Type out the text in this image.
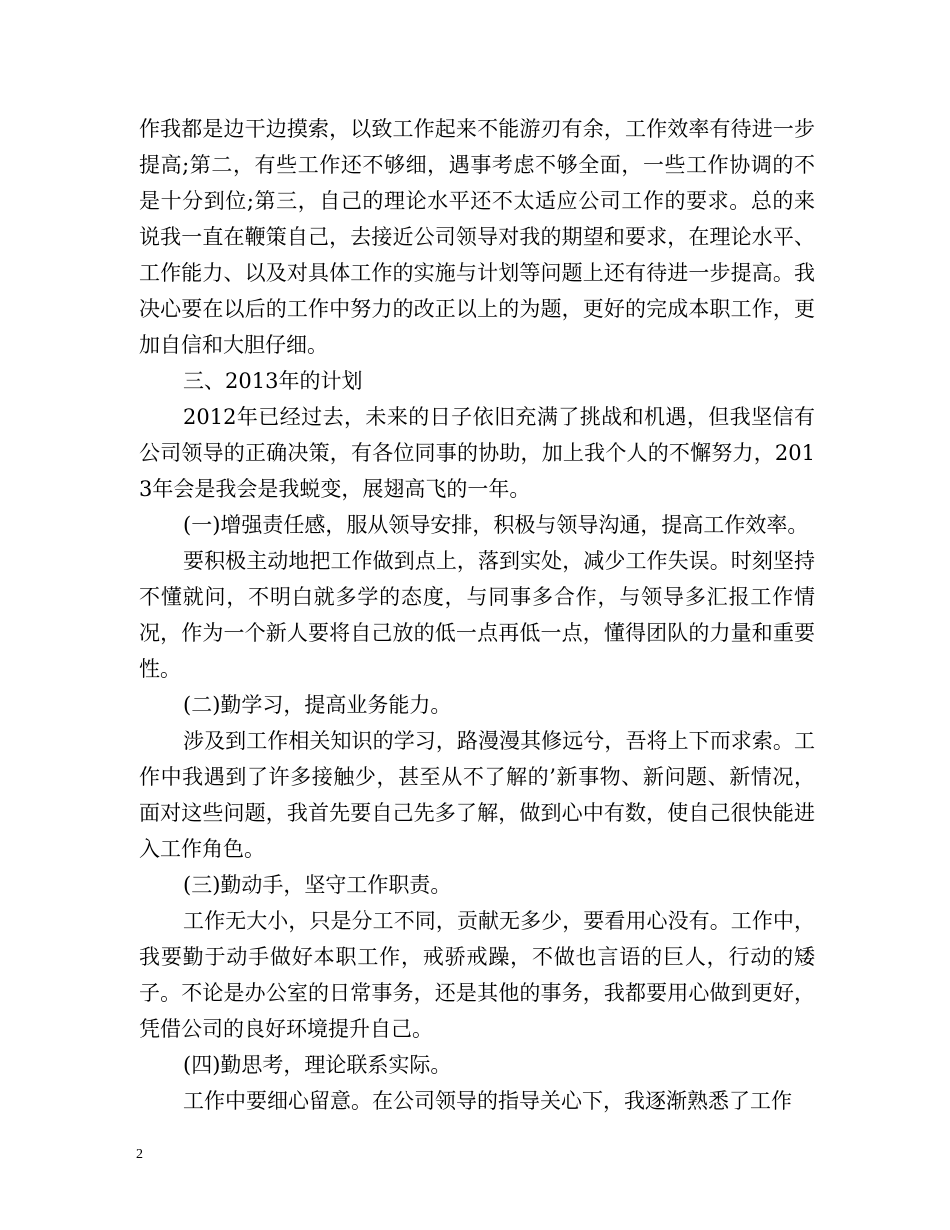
作我都是边干边摸索，以致工作起来不能游刃有余，工作效率有待进一步提高;第二，有些工作还不够细，遇事考虑不够全面，一些工作协调的不是十分到位;第三，自己的理论水平还不太适应公司工作的要求。总的来说我一直在鞭策自己，去接近公司领导对我的期望和要求，在理论水平、工作能力、以及对具体工作的实施与计划等问题上还有待进一步提高。我决心要在以后的工作中努力的改正以上的为题，更好的完成本职工作，更加自信和大胆仔细。

三、2013年的计划

2012年已经过去，未来的日子依旧充满了挑战和机遇，但我坚信有公司领导的正确决策，有各位同事的协助，加上我个人的不懈努力，2013年会是我会是我蜕变，展翅高飞的一年。

(一)增强责任感，服从领导安排，积极与领导沟通，提高工作效率。

要积极主动地把工作做到点上，落到实处，减少工作失误。时刻坚持不懂就问，不明白就多学的态度，与同事多合作，与领导多汇报工作情况，作为一个新人要将自己放的低一点再低一点，懂得团队的力量和重要性。

(二)勤学习，提高业务能力。

涉及到工作相关知识的学习，路漫漫其修远兮，吾将上下而求索。工作中我遇到了许多接触少，甚至从不了解的’新事物、新问题、新情况，面对这些问题，我首先要自己先多了解，做到心中有数，使自己很快能进入工作角色。

(三)勤动手，坚守工作职责。

工作无大小，只是分工不同，贡献无多少，要看用心没有。工作中，我要勤于动手做好本职工作，戒骄戒躁，不做也言语的巨人，行动的矮子。不论是办公室的日常事务，还是其他的事务，我都要用心做到更好，凭借公司的良好环境提升自己。

(四)勤思考，理论联系实际。

工作中要细心留意。在公司领导的指导关心下，我逐渐熟悉了工作

2
